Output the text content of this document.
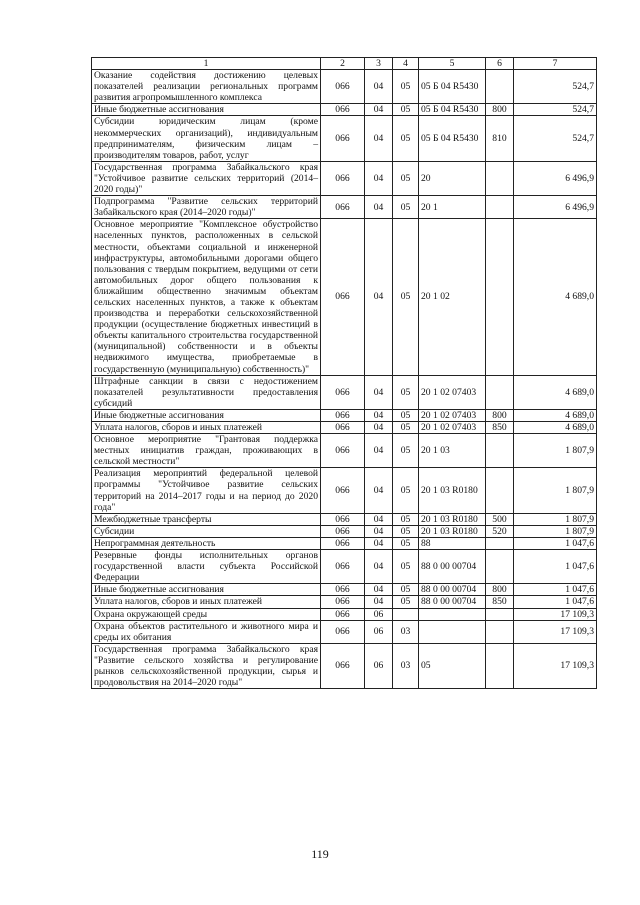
1	2	3	4	5	6	7
Оказание содействия достижению целевых показателей реализации региональных программ развития агропромышленного комплекса	066	04	05	05 Б 04 R5430		524,7
Иные бюджетные ассигнования	066	04	05	05 Б 04 R5430	800	524,7
Субсидии юридическим лицам (кроме некоммерческих организаций), индивидуальным предпринимателям, физическим лицам – производителям товаров, работ, услуг	066	04	05	05 Б 04 R5430	810	524,7
Государственная программа Забайкальского края "Устойчивое развитие сельских территорий (2014–2020 годы)"	066	04	05	20		6 496,9
Подпрограмма "Развитие сельских территорий Забайкальского края (2014–2020 годы)"	066	04	05	20 1		6 496,9
Основное мероприятие "Комплексное обустройство населенных пунктов, расположенных в сельской местности, объектами социальной и инженерной инфраструктуры, автомобильными дорогами общего пользования с твердым покрытием, ведущими от сети автомобильных дорог общего пользования к ближайшим общественно значимым объектам сельских населенных пунктов, а также к объектам производства и переработки сельскохозяйственной продукции (осуществление бюджетных инвестиций в объекты капитального строительства государственной (муниципальной) собственности и в объекты недвижимого имущества, приобретаемые в государственную (муниципальную) собственность)"	066	04	05	20 1 02		4 689,0
Штрафные санкции в связи с недостижением показателей результативности предоставления субсидий	066	04	05	20 1 02 07403		4 689,0
Иные бюджетные ассигнования	066	04	05	20 1 02 07403	800	4 689,0
Уплата налогов, сборов и иных платежей	066	04	05	20 1 02 07403	850	4 689,0
Основное мероприятие "Грантовая поддержка местных инициатив граждан, проживающих в сельской местности"	066	04	05	20 1 03		1 807,9
Реализация мероприятий федеральной целевой программы "Устойчивое развитие сельских территорий на 2014–2017 годы и на период до 2020 года"	066	04	05	20 1 03 R0180		1 807,9
Межбюджетные трансферты	066	04	05	20 1 03 R0180	500	1 807,9
Субсидии	066	04	05	20 1 03 R0180	520	1 807,9
Непрограммная деятельность	066	04	05	88		1 047,6
Резервные фонды исполнительных органов государственной власти субъекта Российской Федерации	066	04	05	88 0 00 00704		1 047,6
Иные бюджетные ассигнования	066	04	05	88 0 00 00704	800	1 047,6
Уплата налогов, сборов и иных платежей	066	04	05	88 0 00 00704	850	1 047,6
Охрана окружающей среды	066	06				17 109,3
Охрана объектов растительного и животного мира и среды их обитания	066	06	03			17 109,3
Государственная программа Забайкальского края "Развитие сельского хозяйства и регулирование рынков сельскохозяйственной продукции, сырья и продовольствия на 2014–2020 годы"	066	06	03	05		17 109,3
119
